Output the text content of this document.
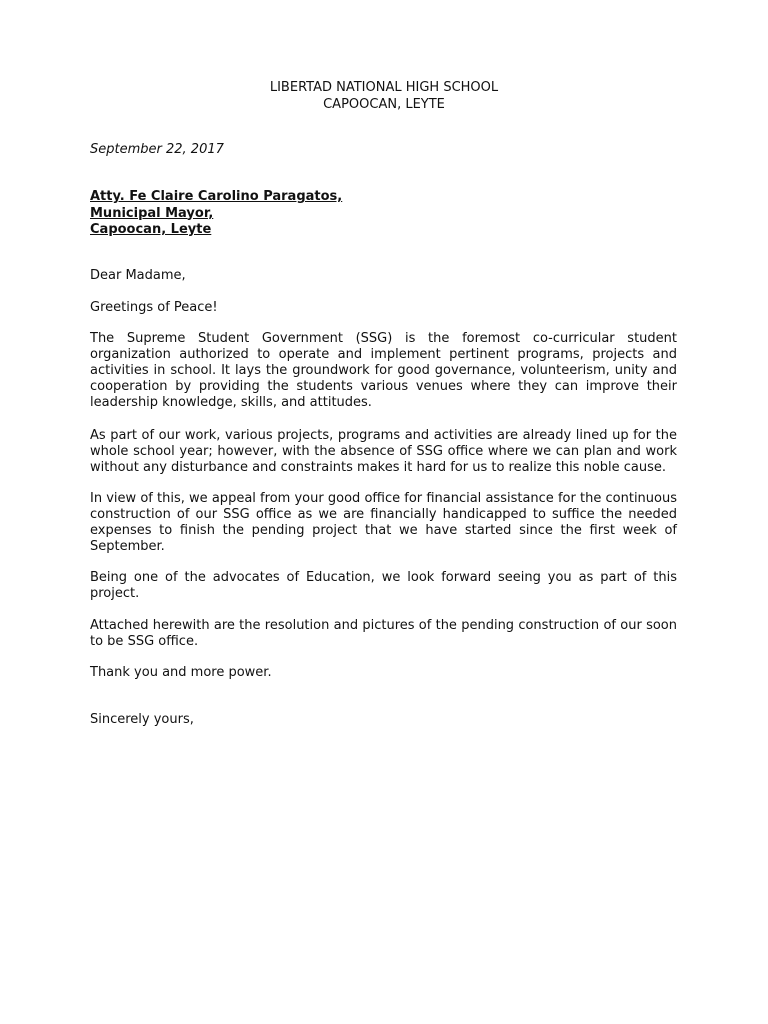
LIBERTAD NATIONAL HIGH SCHOOL
CAPOOCAN, LEYTE
September 22, 2017
Atty. Fe Claire Carolino Paragatos,
Municipal Mayor,
Capoocan, Leyte
Dear Madame,
Greetings of Peace!

The Supreme Student Government (SSG) is the foremost co-curricular student organization authorized to operate and implement pertinent programs, projects and activities in school. It lays the groundwork for good governance, volunteerism, unity and cooperation by providing the students various venues where they can improve their leadership knowledge, skills, and attitudes.

As part of our work, various projects, programs and activities are already lined up for the whole school year; however, with the absence of SSG office where we can plan and work without any disturbance and constraints makes it hard for us to realize this noble cause.

In view of this, we appeal from your good office for financial assistance for the continuous construction of our SSG office as we are financially handicapped to suffice the needed expenses to finish the pending project that we have started since the first week of September.

Being one of the advocates of Education, we look forward seeing you as part of this project.

Attached herewith are the resolution and pictures of the pending construction of our soon to be SSG office.

Thank you and more power.
Sincerely yours,
